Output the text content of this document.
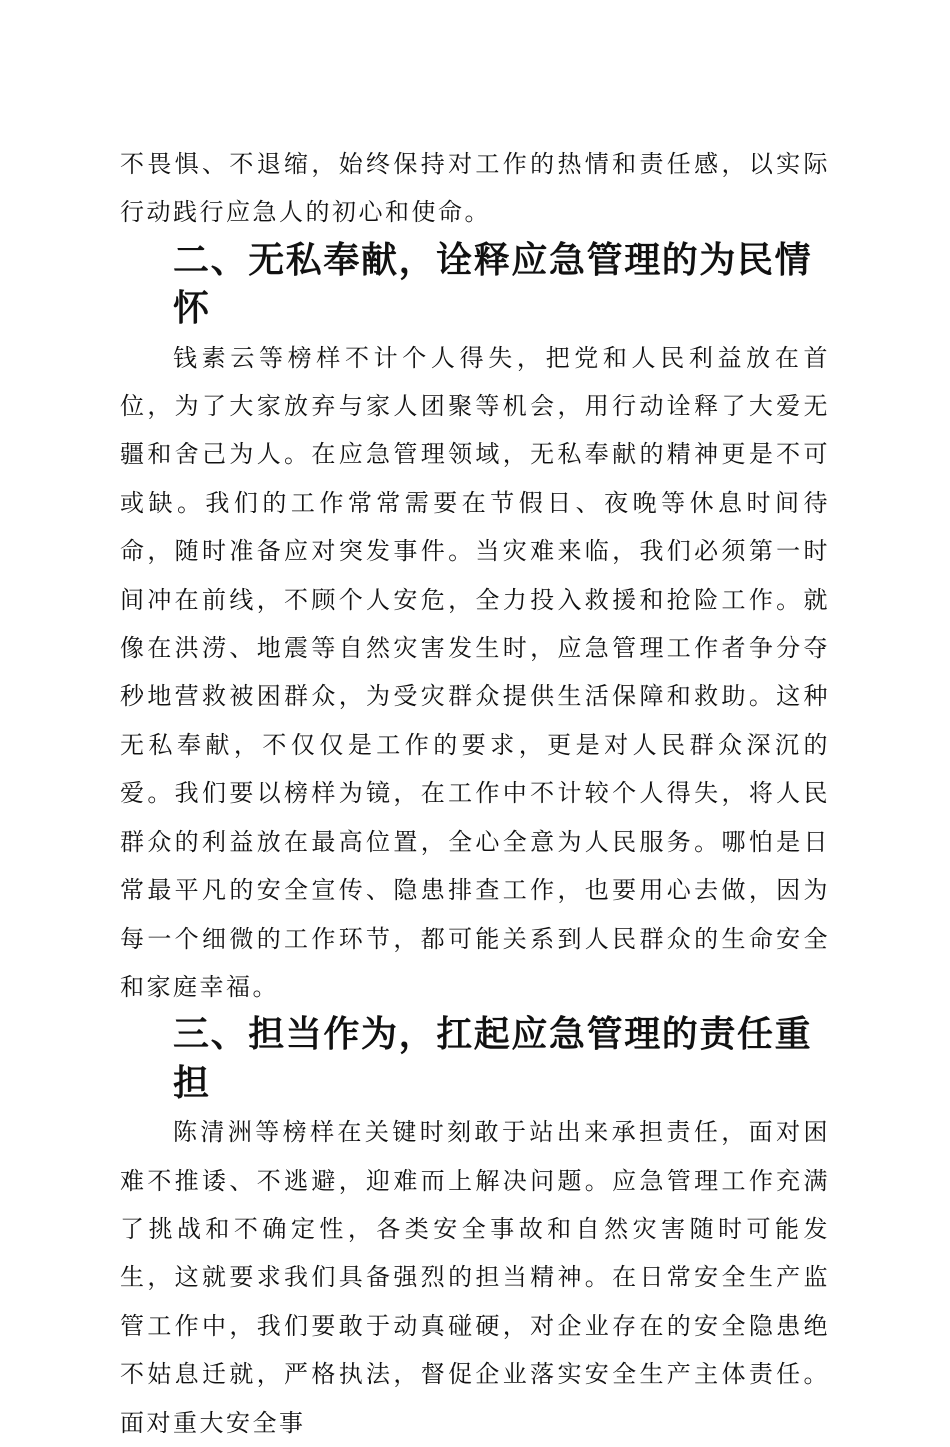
不畏惧、不退缩，始终保持对工作的热情和责任感，以实际行动践行应急人的初心和使命。

二、无私奉献，诠释应急管理的为民情怀

钱素云等榜样不计个人得失，把党和人民利益放在首位，为了大家放弃与家人团聚等机会，用行动诠释了大爱无疆和舍己为人。在应急管理领域，无私奉献的精神更是不可或缺。我们的工作常常需要在节假日、夜晚等休息时间待命，随时准备应对突发事件。当灾难来临，我们必须第一时间冲在前线，不顾个人安危，全力投入救援和抢险工作。就像在洪涝、地震等自然灾害发生时，应急管理工作者争分夺秒地营救被困群众，为受灾群众提供生活保障和救助。这种无私奉献，不仅仅是工作的要求，更是对人民群众深沉的爱。我们要以榜样为镜，在工作中不计较个人得失，将人民群众的利益放在最高位置，全心全意为人民服务。哪怕是日常最平凡的安全宣传、隐患排查工作，也要用心去做，因为每一个细微的工作环节，都可能关系到人民群众的生命安全和家庭幸福。

三、担当作为，扛起应急管理的责任重担

陈清洲等榜样在关键时刻敢于站出来承担责任，面对困难不推诿、不逃避，迎难而上解决问题。应急管理工作充满了挑战和不确定性，各类安全事故和自然灾害随时可能发生，这就要求我们具备强烈的担当精神。在日常安全生产监管工作中，我们要敢于动真碰硬，对企业存在的安全隐患绝不姑息迁就，严格执法，督促企业落实安全生产主体责任。面对重大安全事
